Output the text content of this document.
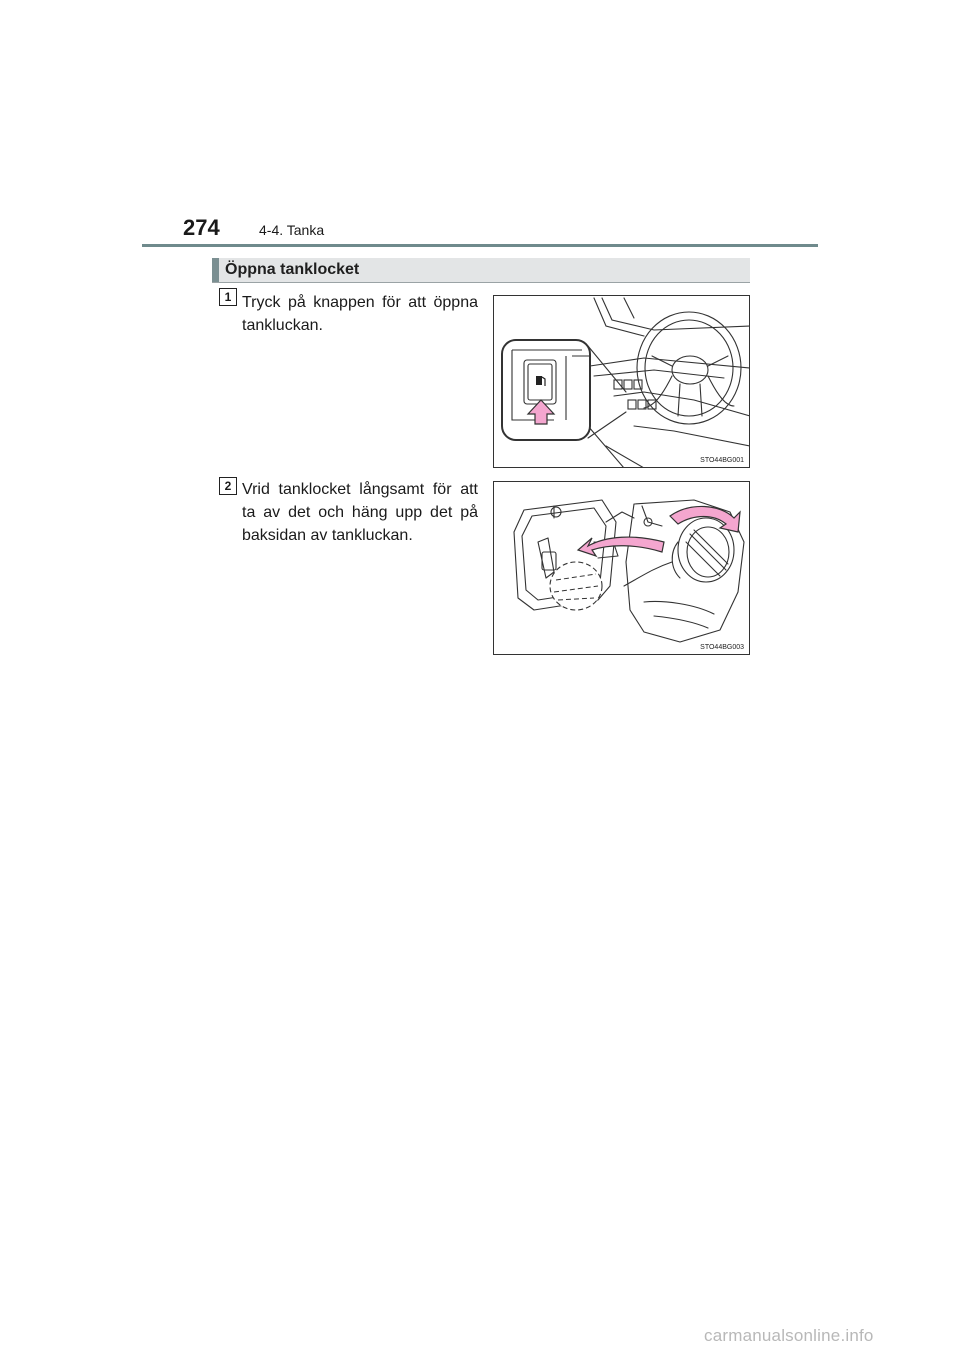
274	4-4. Tanka
Öppna tanklocket
1 Tryck på knappen för att öppna tankluckan.
STO44BG001
2 Vrid tanklocket långsamt för att ta av det och häng upp det på baksidan av tankluckan.
STO44BG003
carmanualsonline.info
